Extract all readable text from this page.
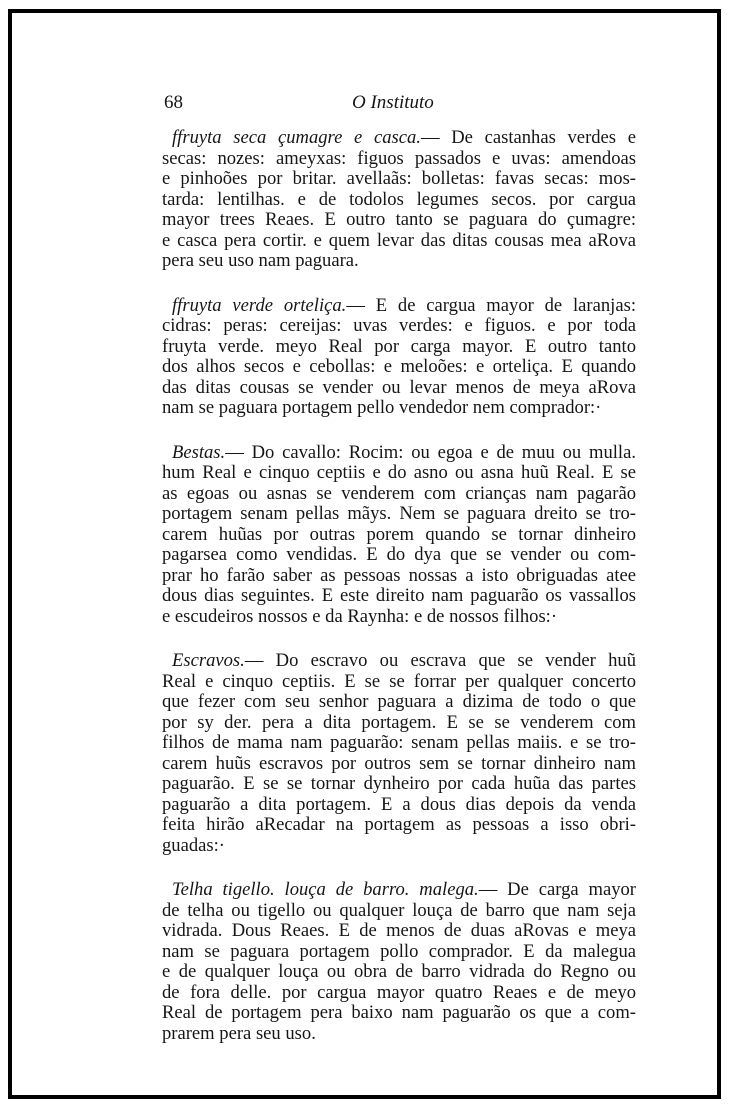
68	O Instituto
ffruyta seca çumagre e casca.— De castanhas verdes e
secas: nozes: ameyxas: figuos passados e uvas: amendoas
e pinhoões por britar. avellaãs: bolletas: favas secas: mos-
tarda: lentilhas. e de todolos legumes secos. por cargua
mayor trees Reaes. E outro tanto se paguara do çumagre:
e casca pera cortir. e quem levar das ditas cousas mea aRova
pera seu uso nam paguara.
ffruyta verde orteliça.— E de cargua mayor de laranjas:
cidras: peras: cereijas: uvas verdes: e figuos. e por toda
fruyta verde. meyo Real por carga mayor. E outro tanto
dos alhos secos e cebollas: e meloões: e orteliça. E quando
das ditas cousas se vender ou levar menos de meya aRova
nam se paguara portagem pello vendedor nem comprador:·
Bestas.— Do cavallo: Rocim: ou egoa e de muu ou mulla.
hum Real e cinquo ceptiis e do asno ou asna huũ Real. E se
as egoas ou asnas se venderem com crianças nam pagarão
portagem senam pellas mãys. Nem se paguara dreito se tro-
carem huũas por outras porem quando se tornar dinheiro
pagarsea como vendidas. E do dya que se vender ou com-
prar ho farão saber as pessoas nossas a isto obriguadas atee
dous dias seguintes. E este direito nam paguarão os vassallos
e escudeiros nossos e da Raynha: e de nossos filhos:·
Escravos.— Do escravo ou escrava que se vender huũ
Real e cinquo ceptiis. E se se forrar per qualquer concerto
que fezer com seu senhor paguara a dizima de todo o que
por sy der. pera a dita portagem. E se se venderem com
filhos de mama nam paguarão: senam pellas maiis. e se tro-
carem huũs escravos por outros sem se tornar dinheiro nam
paguarão. E se se tornar dynheiro por cada huũa das partes
paguarão a dita portagem. E a dous dias depois da venda
feita hirão aRecadar na portagem as pessoas a isso obri-
guadas:·
Telha tigello. louça de barro. malega.— De carga mayor
de telha ou tigello ou qualquer louça de barro que nam seja
vidrada. Dous Reaes. E de menos de duas aRovas e meya
nam se paguara portagem pollo comprador. E da malegua
e de qualquer louça ou obra de barro vidrada do Regno ou
de fora delle. por cargua mayor quatro Reaes e de meyo
Real de portagem pera baixo nam paguarão os que a com-
prarem pera seu uso.
